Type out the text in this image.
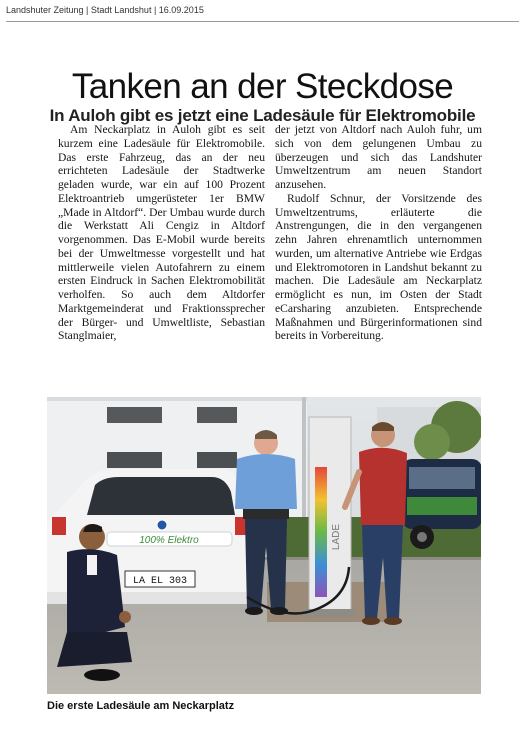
Landshuter Zeitung | Stadt Landshut | 16.09.2015
Tanken an der Steckdose
In Auloh gibt es jetzt eine Ladesäule für Elektromobile

Am Neckarplatz in Auloh gibt es seit kurzem eine Ladesäule für Elektromobile. Das erste Fahrzeug, das an der neu errichteten Ladesäule der Stadtwerke geladen wurde, war ein auf 100 Prozent Elektroantrieb umgerüsteter 1er BMW „Made in Altdorf“. Der Umbau wurde durch die Werkstatt Ali Cengiz in Altdorf vorgenommen. Das E-Mobil wurde bereits bei der Umweltmesse vorgestellt und hat mittlerweile vielen Autofahrern zu einem ersten Eindruck in Sachen Elektromobilität verholfen. So auch dem Altdorfer Marktgemeinderat und Fraktionssprecher der Bürger- und Umweltliste, Sebastian Stanglmaier,

der jetzt von Altdorf nach Auloh fuhr, um sich von dem gelungenen Umbau zu überzeugen und sich das Landshuter Umweltzentrum am neuen Standort anzusehen.

Rudolf Schnur, der Vorsitzende des Umweltzentrums, erläuterte die Anstrengungen, die in den vergangenen zehn Jahren ehrenamtlich unternommen wurden, um alternative Antriebe wie Erdgas und Elektromotoren in Landshut bekannt zu machen. Die Ladesäule am Neckarplatz ermöglicht es nun, im Osten der Stadt eCarsharing anzubieten. Entsprechende Maßnahmen und Bürgerinformationen sind bereits in Vorbereitung.

100% Elektro
LA EL 303
LADE
Die erste Ladesäule am Neckarplatz
